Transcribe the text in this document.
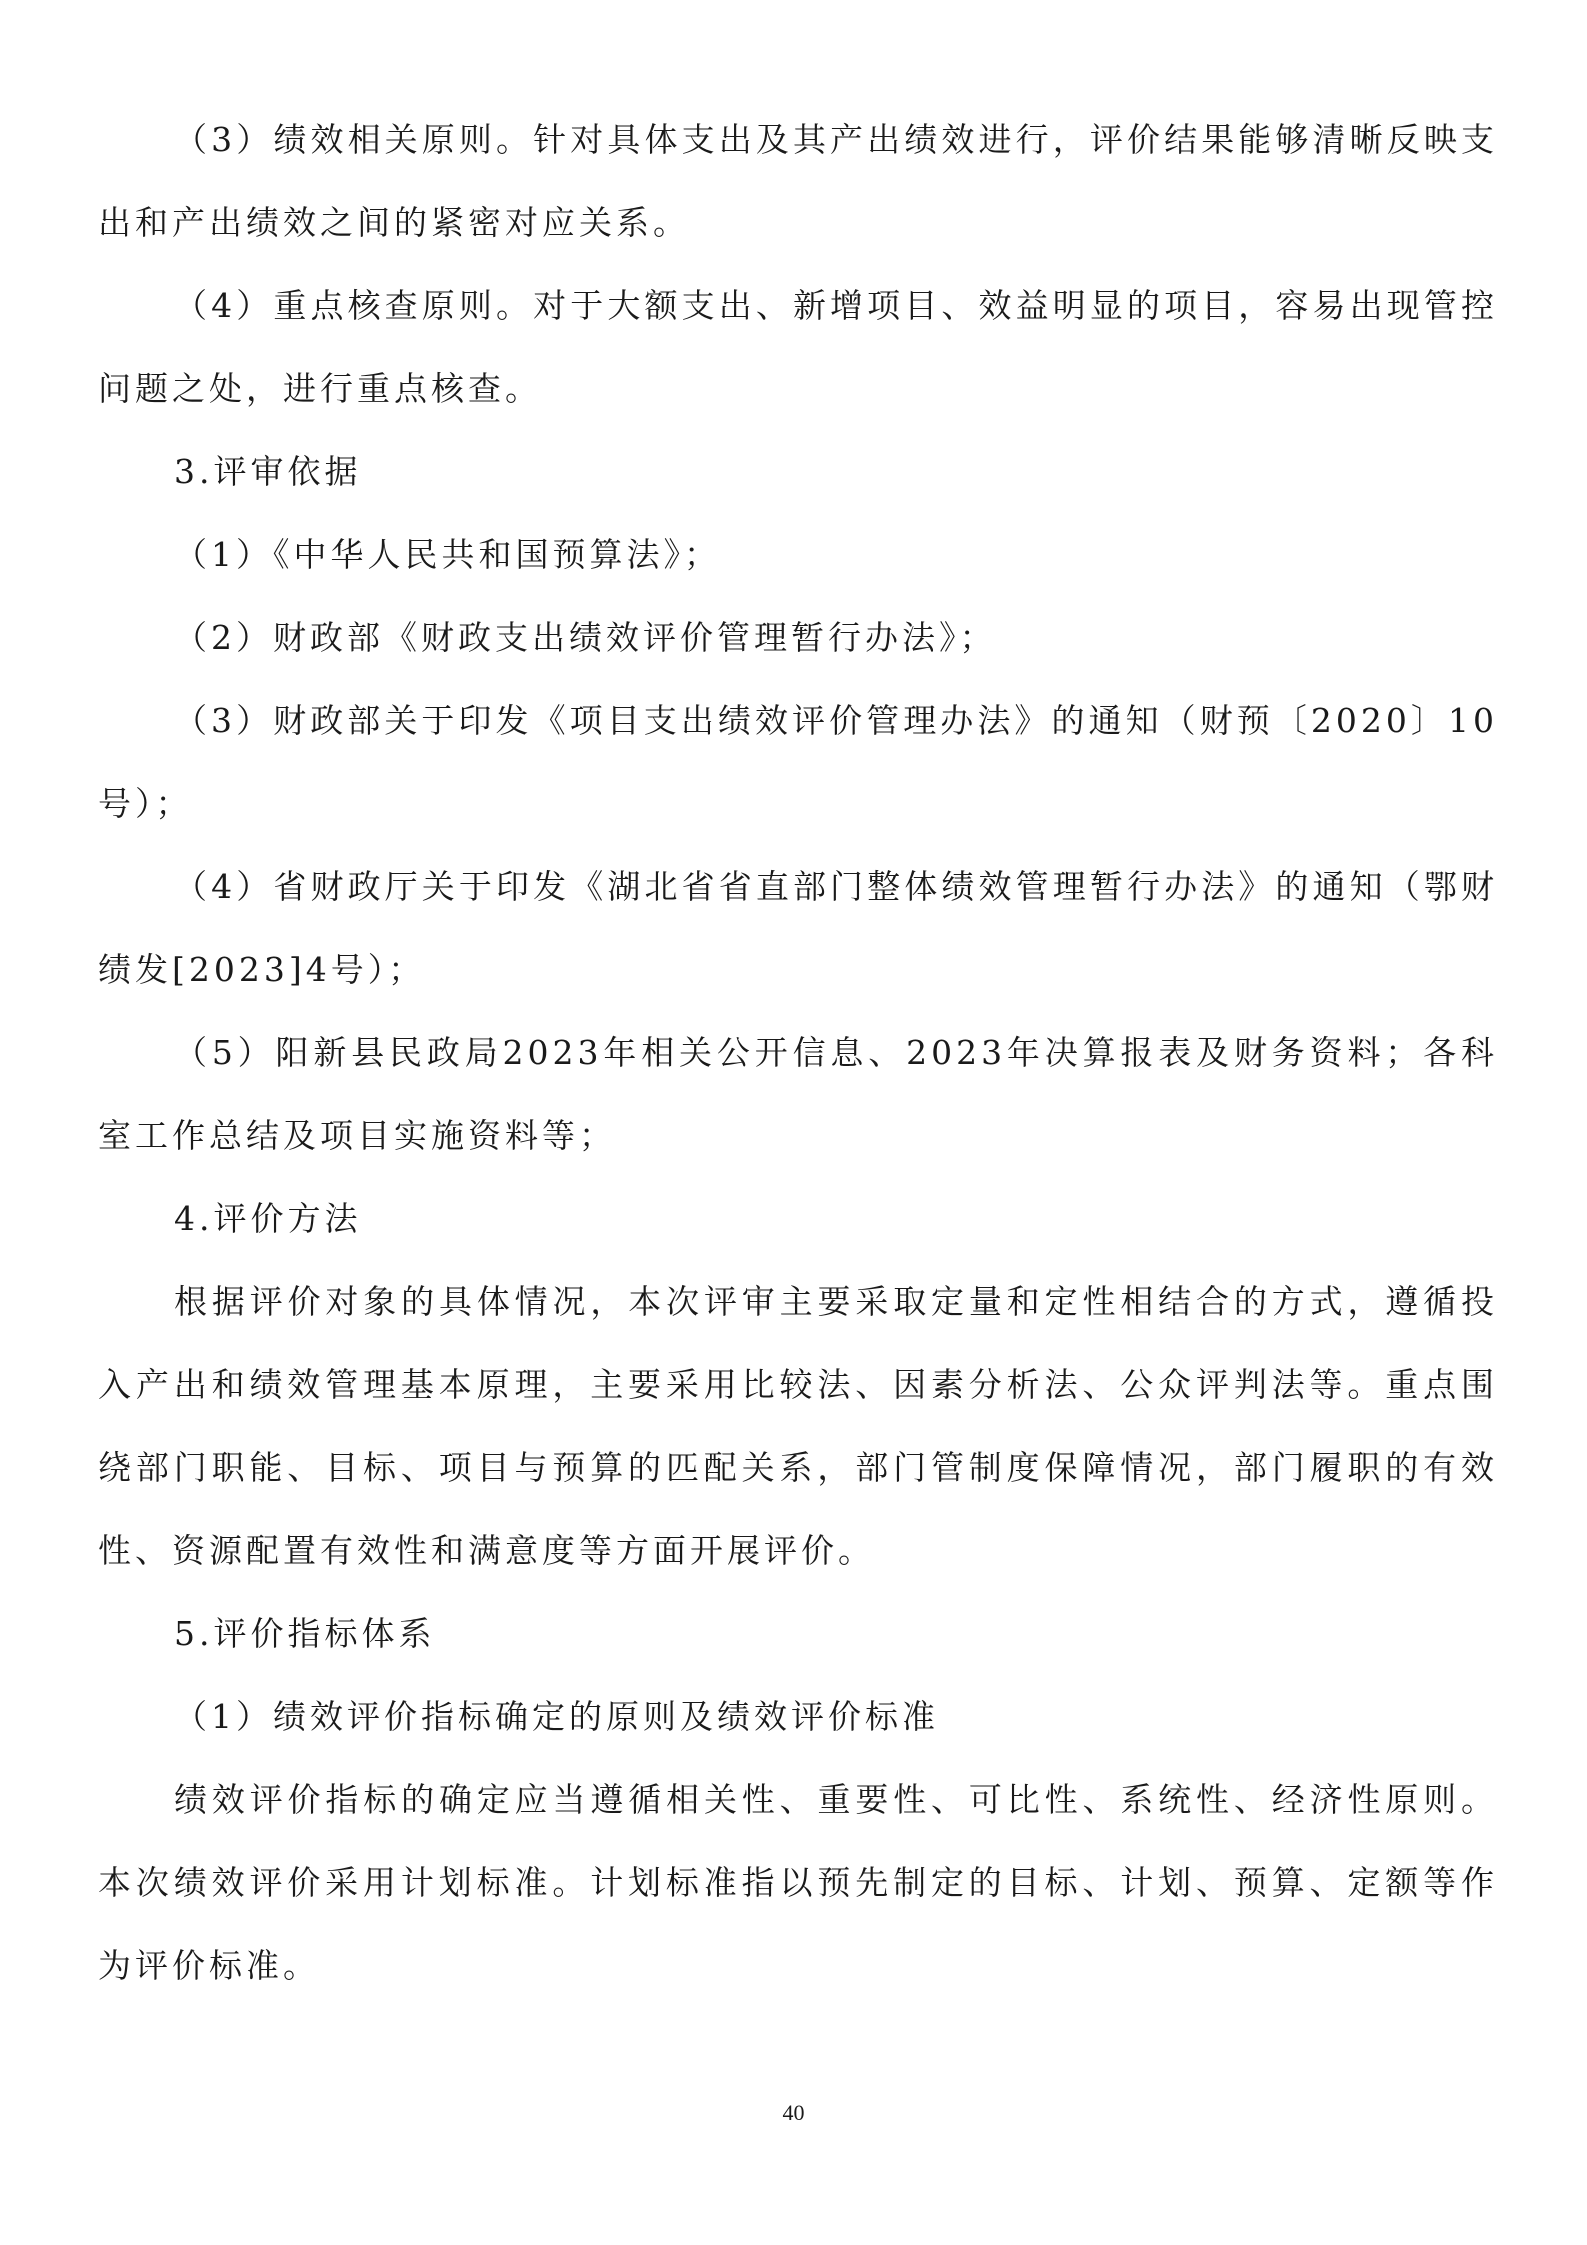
（3）绩效相关原则。针对具体支出及其产出绩效进行，评价结果能够清晰反映支出和产出绩效之间的紧密对应关系。

（4）重点核查原则。对于大额支出、新增项目、效益明显的项目，容易出现管控问题之处，进行重点核查。

3.评审依据

（1）《中华人民共和国预算法》；

（2）财政部《财政支出绩效评价管理暂行办法》；

（3）财政部关于印发《项目支出绩效评价管理办法》的通知（财预〔2020〕10号）；

（4）省财政厅关于印发《湖北省省直部门整体绩效管理暂行办法》的通知（鄂财绩发[2023]4号）；

（5）阳新县民政局2023年相关公开信息、2023年决算报表及财务资料；各科室工作总结及项目实施资料等；

4.评价方法

根据评价对象的具体情况，本次评审主要采取定量和定性相结合的方式，遵循投入产出和绩效管理基本原理，主要采用比较法、因素分析法、公众评判法等。重点围绕部门职能、目标、项目与预算的匹配关系，部门管制度保障情况，部门履职的有效性、资源配置有效性和满意度等方面开展评价。

5.评价指标体系

（1）绩效评价指标确定的原则及绩效评价标准

绩效评价指标的确定应当遵循相关性、重要性、可比性、系统性、经济性原则。本次绩效评价采用计划标准。计划标准指以预先制定的目标、计划、预算、定额等作为评价标准。

40
